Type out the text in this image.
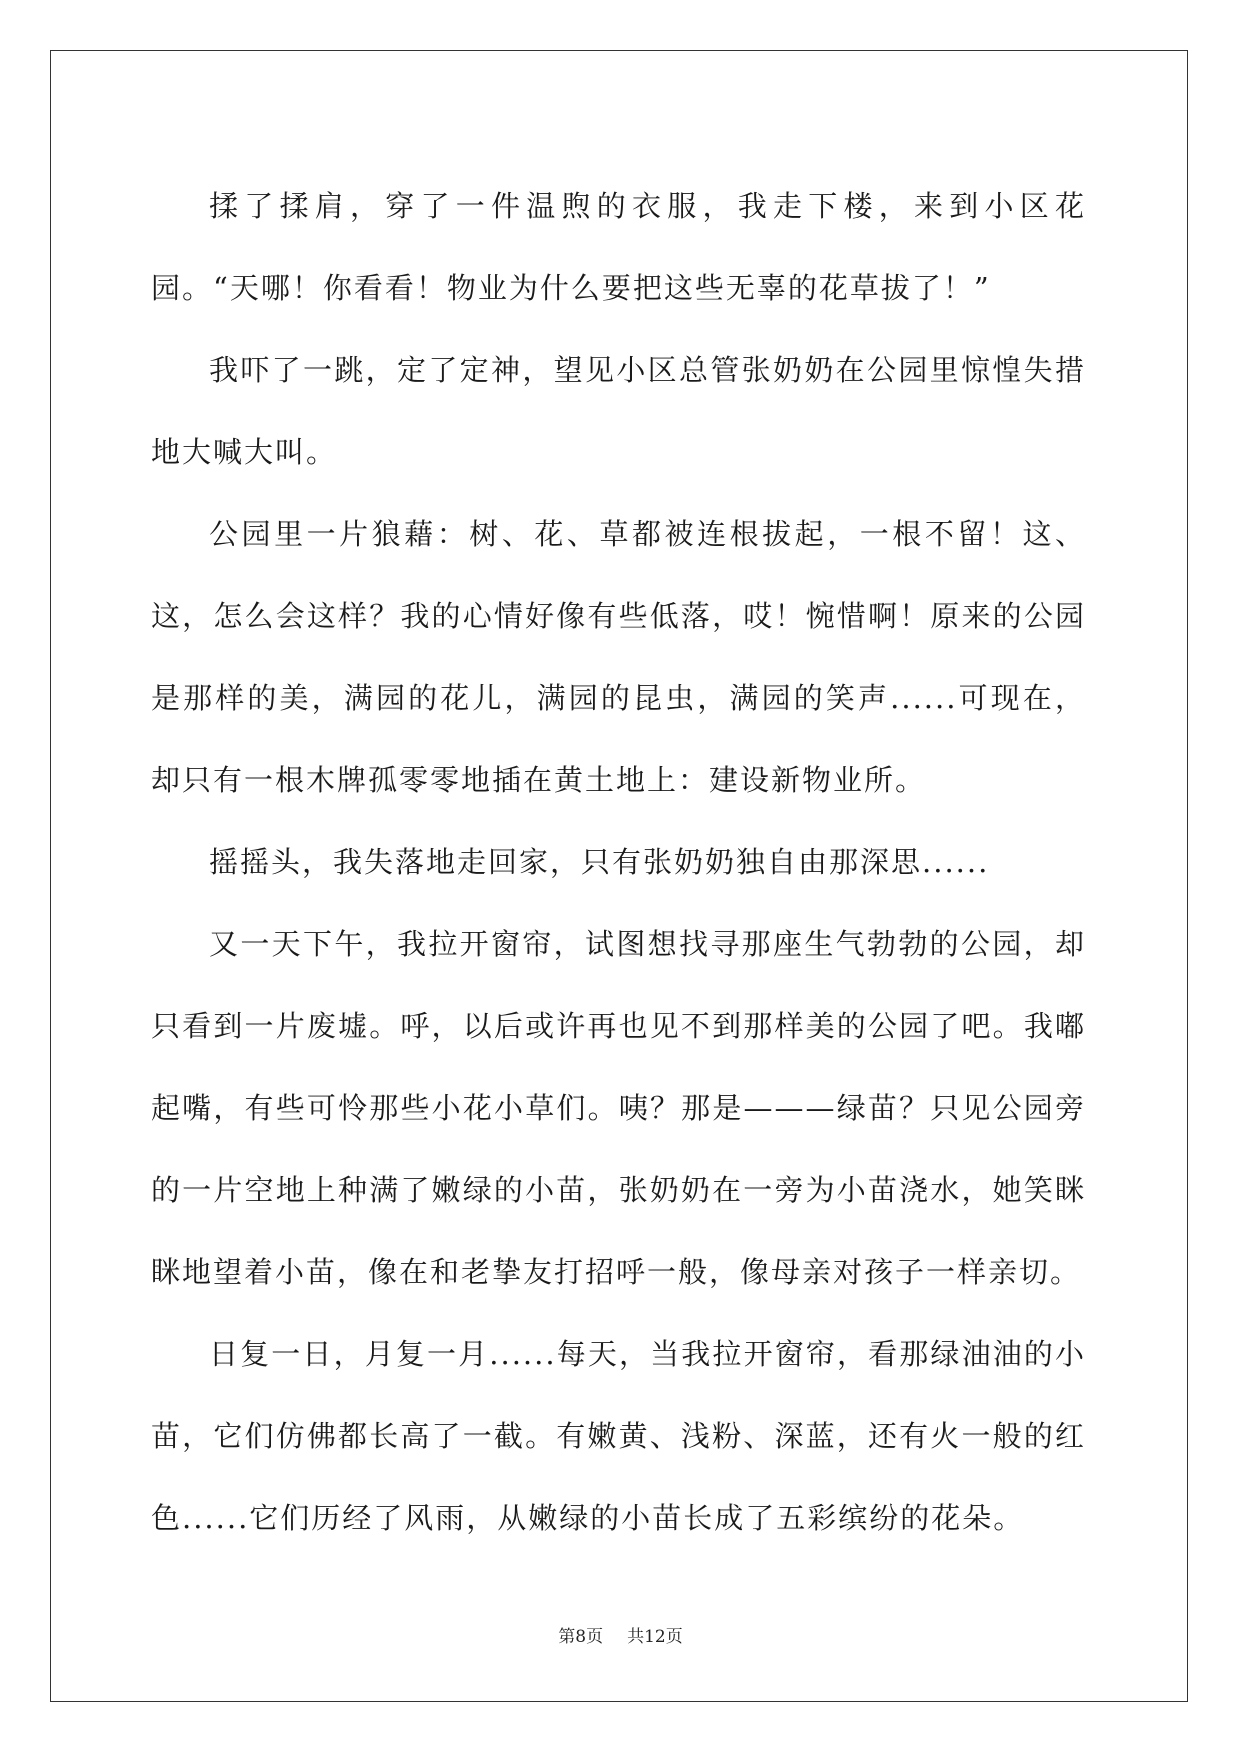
揉了揉肩，穿了一件温煦的衣服，我走下楼，来到小区花园。“天哪！你看看！物业为什么要把这些无辜的花草拔了！”

我吓了一跳，定了定神，望见小区总管张奶奶在公园里惊惶失措地大喊大叫。

公园里一片狼藉：树、花、草都被连根拔起，一根不留！这、这，怎么会这样？我的心情好像有些低落，哎！惋惜啊！原来的公园是那样的美，满园的花儿，满园的昆虫，满园的笑声......可现在，却只有一根木牌孤零零地插在黄土地上：建设新物业所。

摇摇头，我失落地走回家，只有张奶奶独自由那深思......

又一天下午，我拉开窗帘，试图想找寻那座生气勃勃的公园，却只看到一片废墟。呼，以后或许再也见不到那样美的公园了吧。我嘟起嘴，有些可怜那些小花小草们。咦？那是———绿苗？只见公园旁的一片空地上种满了嫩绿的小苗，张奶奶在一旁为小苗浇水，她笑眯眯地望着小苗，像在和老挚友打招呼一般，像母亲对孩子一样亲切。

日复一日，月复一月......每天，当我拉开窗帘，看那绿油油的小苗，它们仿佛都长高了一截。有嫩黄、浅粉、深蓝，还有火一般的红色......它们历经了风雨，从嫩绿的小苗长成了五彩缤纷的花朵。

第8页 共12页
